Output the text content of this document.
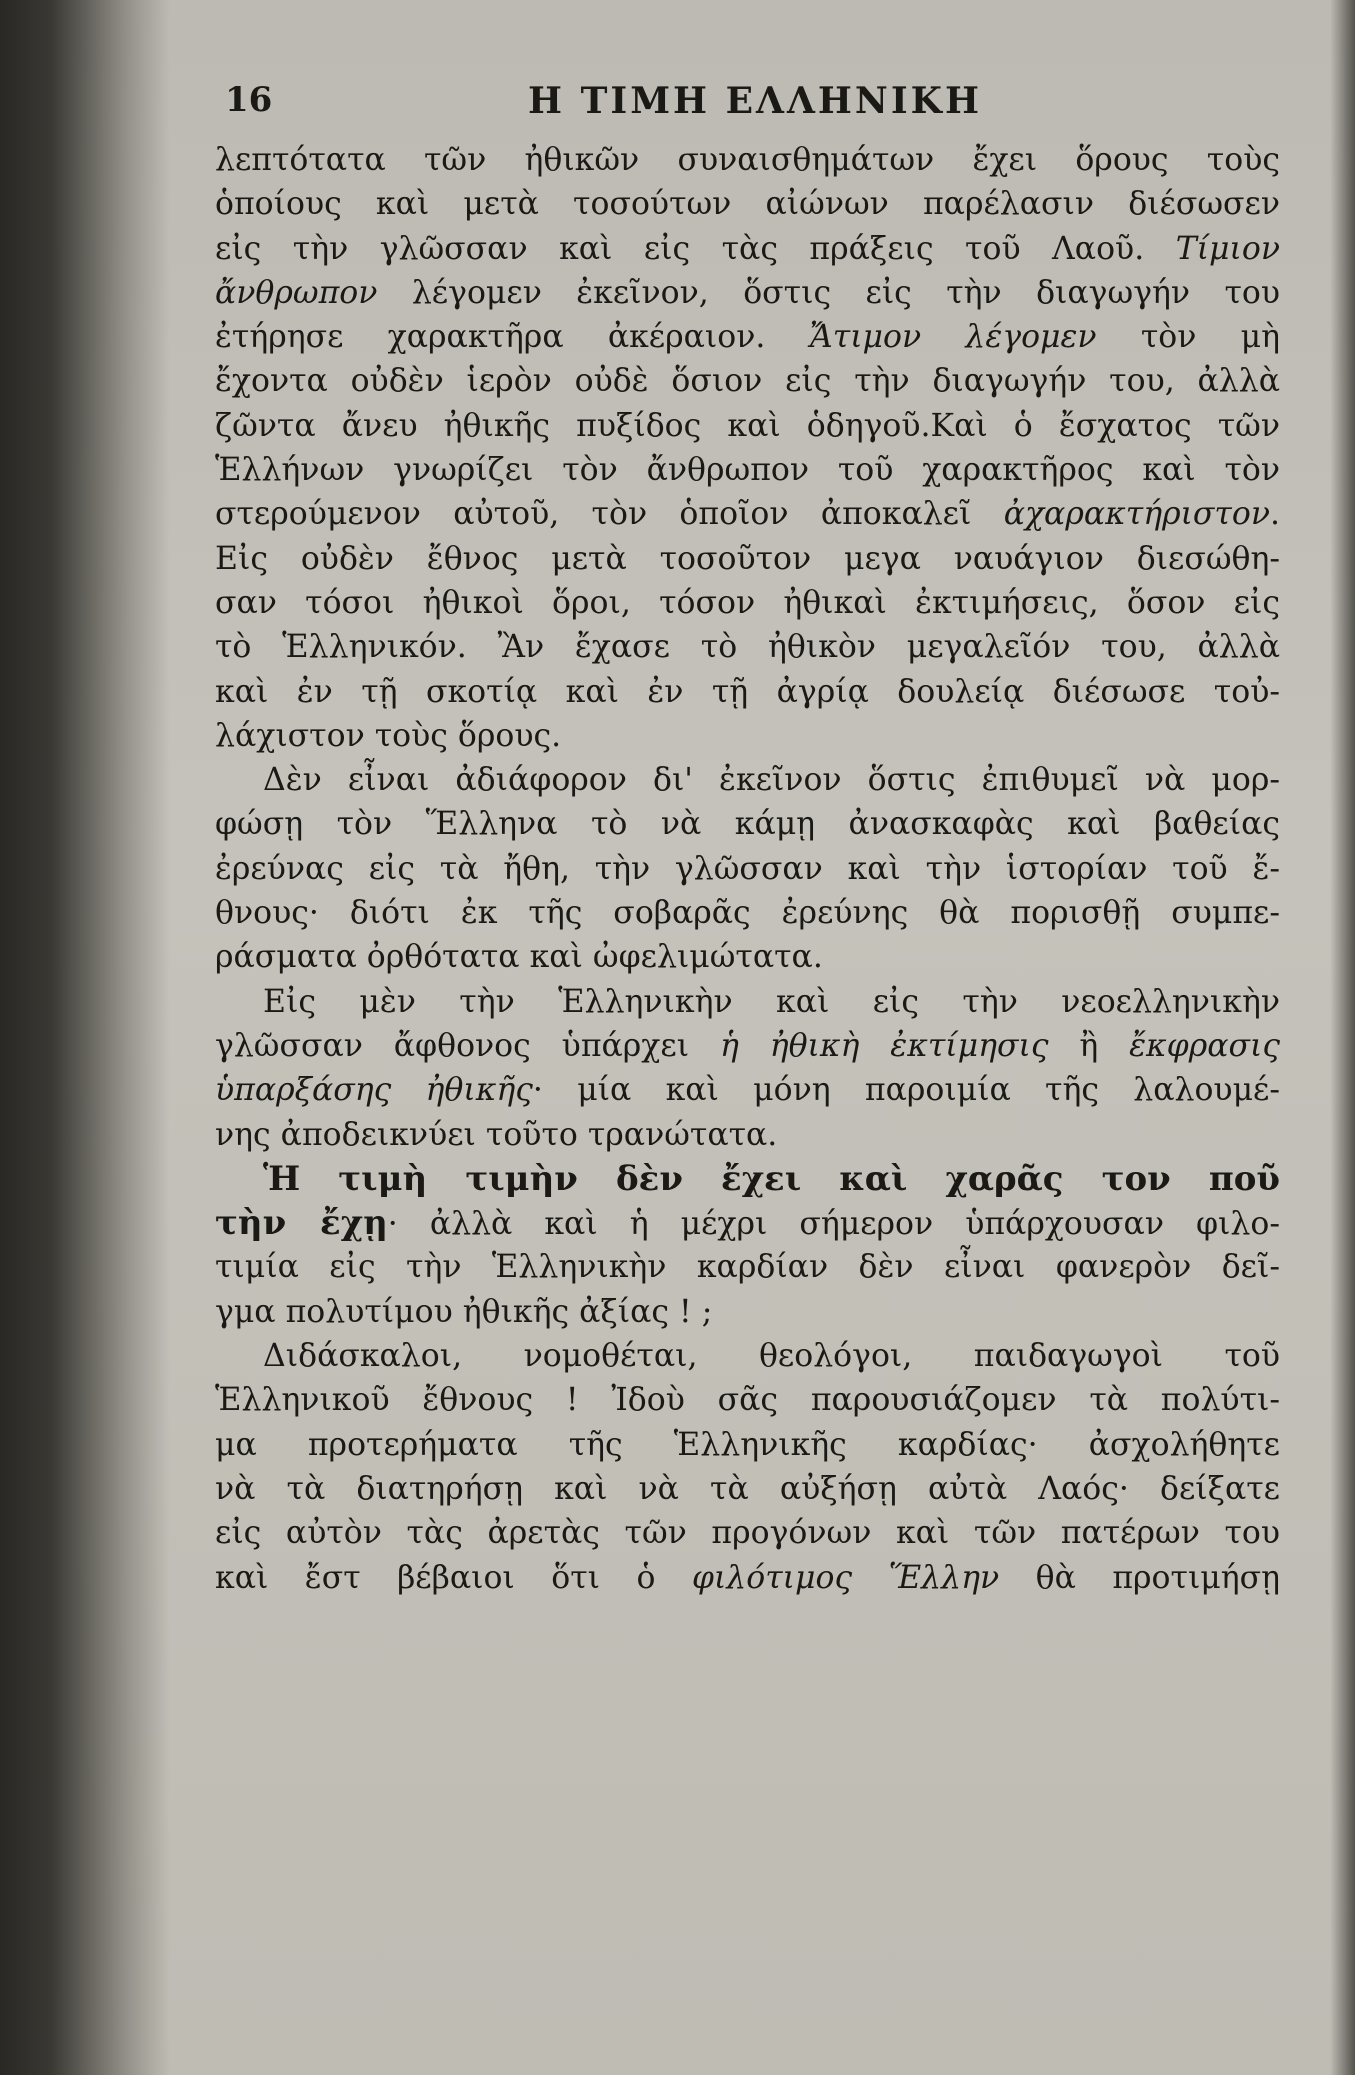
16	Η ΤΙΜΗ ΕΛΛΗΝΙΚΗ
λεπτότατα τῶν ἠθικῶν συναισθημάτων ἔχει ὅρους τοὺς
ὁποίους καὶ μετὰ τοσούτων αἰώνων παρέλασιν διέσωσεν
εἰς τὴν γλῶσσαν καὶ εἰς τὰς πράξεις τοῦ Λαοῦ. Τίμιον
ἄνθρωπον λέγομεν ἐκεῖνον, ὅστις εἰς τὴν διαγωγήν του
ἐτήρησε χαρακτῆρα ἀκέραιον. Ἄτιμον λέγομεν τὸν μὴ
ἔχοντα οὐδὲν ἱερὸν οὐδὲ ὅσιον εἰς τὴν διαγωγήν του, ἀλλὰ
ζῶντα ἄνευ ἠθικῆς πυξίδος καὶ ὁδηγοῦ.Καὶ ὁ ἔσχατος τῶν
Ἑλλήνων γνωρίζει τὸν ἄνθρωπον τοῦ χαρακτῆρος καὶ τὸν
στερούμενον αὐτοῦ, τὸν ὁποῖον ἀποκαλεῖ ἀχαρακτήριστον.
Εἰς οὐδὲν ἔθνος μετὰ τοσοῦτον μεγα ναυάγιον διεσώθη-
σαν τόσοι ἠθικοὶ ὅροι, τόσον ἠθικαὶ ἐκτιμήσεις, ὅσον εἰς
τὸ Ἑλληνικόν. Ἂν ἔχασε τὸ ἠθικὸν μεγαλεῖόν του, ἀλλὰ
καὶ ἐν τῇ σκοτίᾳ καὶ ἐν τῇ ἀγρίᾳ δουλείᾳ διέσωσε τοὐ-
λάχιστον τοὺς ὅρους.
Δὲν εἶναι ἀδιάφορον δι' ἐκεῖνον ὅστις ἐπιθυμεῖ νὰ μορ-
φώσῃ τὸν Ἕλληνα τὸ νὰ κάμῃ ἀνασκαφὰς καὶ βαθείας
ἐρεύνας εἰς τὰ ἤθη, τὴν γλῶσσαν καὶ τὴν ἱστορίαν τοῦ ἔ-
θνους· διότι ἐκ τῆς σοβαρᾶς ἐρεύνης θὰ πορισθῇ συμπε-
ράσματα ὀρθότατα καὶ ὠφελιμώτατα.
Εἰς μὲν τὴν Ἑλληνικὴν καὶ εἰς τὴν νεοελληνικὴν
γλῶσσαν ἄφθονος ὑπάρχει ἡ ἠθικὴ ἐκτίμησις ἢ ἔκφρασις
ὑπαρξάσης ἠθικῆς· μία καὶ μόνη παροιμία τῆς λαλουμέ-
νης ἀποδεικνύει τοῦτο τρανώτατα.
Ἡ τιμὴ τιμὴν δὲν ἔχει καὶ χαρᾶς τον ποῦ
τὴν ἔχῃ· ἀλλὰ καὶ ἡ μέχρι σήμερον ὑπάρχουσαν φιλο-
τιμία εἰς τὴν Ἑλληνικὴν καρδίαν δὲν εἶναι φανερὸν δεῖ-
γμα πολυτίμου ἠθικῆς ἀξίας ! ;
Διδάσκαλοι, νομοθέται, θεολόγοι, παιδαγωγοὶ τοῦ
Ἑλληνικοῦ ἔθνους ! Ἰδοὺ σᾶς παρουσιάζομεν τὰ πολύτι-
μα προτερήματα τῆς Ἑλληνικῆς καρδίας· ἀσχολήθητε
νὰ τὰ διατηρήσῃ καὶ νὰ τὰ αὐξήσῃ αὐτὰ Λαός· δείξατε
εἰς αὐτὸν τὰς ἀρετὰς τῶν προγόνων καὶ τῶν πατέρων του
καὶ ἔστ βέβαιοι ὅτι ὁ φιλότιμος Ἕλλην θὰ προτιμήσῃ
